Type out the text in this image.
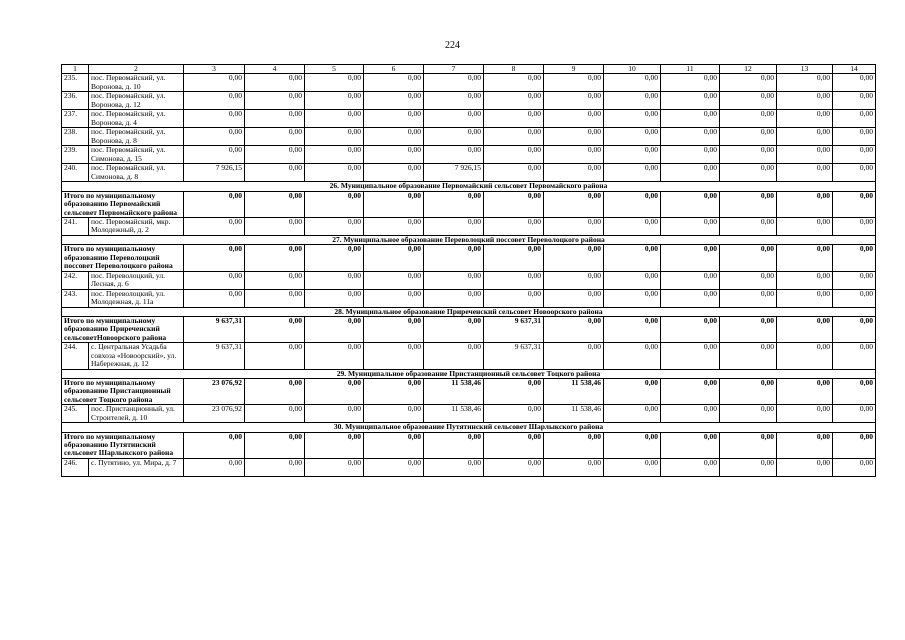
224
1	2	3	4	5	6	7	8	9	10	11	12	13	14
235.	пос. Первомайский, ул. Воронова, д. 10	0,00	0,00	0,00	0,00	0,00	0,00	0,00	0,00	0,00	0,00	0,00	0,00
236.	пос. Первомайский, ул. Воронова, д. 12	0,00	0,00	0,00	0,00	0,00	0,00	0,00	0,00	0,00	0,00	0,00	0,00
237.	пос. Первомайский, ул. Воронова, д. 4	0,00	0,00	0,00	0,00	0,00	0,00	0,00	0,00	0,00	0,00	0,00	0,00
238.	пос. Первомайский, ул. Воронова, д. 8	0,00	0,00	0,00	0,00	0,00	0,00	0,00	0,00	0,00	0,00	0,00	0,00
239.	пос. Первомайский, ул. Симонова, д. 15	0,00	0,00	0,00	0,00	0,00	0,00	0,00	0,00	0,00	0,00	0,00	0,00
240.	пос. Первомайский, ул. Симонова, д. 8	7 926,15	0,00	0,00	0,00	7 926,15	0,00	0,00	0,00	0,00	0,00	0,00	0,00
26. Муниципальное образование Первомайский сельсовет Первомайского района													
Итого по муниципальному образованию Первомайский сельсовет Первомайского района		0,00	0,00	0,00	0,00	0,00	0,00	0,00	0,00	0,00	0,00	0,00	0,00
241.	пос. Первомайский, мкр. Молодежный, д. 2	0,00	0,00	0,00	0,00	0,00	0,00	0,00	0,00	0,00	0,00	0,00	0,00
27. Муниципальное образование Переволоцкий поссовет Переволоцкого района													
Итого по муниципальному образованию Переволоцкий поссовет Переволоцкого района		0,00	0,00	0,00	0,00	0,00	0,00	0,00	0,00	0,00	0,00	0,00	0,00
242.	пос. Переволоцкий, ул. Лесная, д. 6	0,00	0,00	0,00	0,00	0,00	0,00	0,00	0,00	0,00	0,00	0,00	0,00
243.	пос. Переволоцкий, ул. Молодежная, д. 11а	0,00	0,00	0,00	0,00	0,00	0,00	0,00	0,00	0,00	0,00	0,00	0,00
28. Муниципальное образование Приреченский сельсовет Новоорского района													
Итого по муниципальному образованию Приреченский сельсоветНовоорского района		9 637,31	0,00	0,00	0,00	0,00	9 637,31	0,00	0,00	0,00	0,00	0,00	0,00
244.	с. Центральная Усадьба совхоза «Новоорский», ул. Набережная, д. 12	9 637,31	0,00	0,00	0,00	0,00	9 637,31	0,00	0,00	0,00	0,00	0,00	0,00
29. Муниципальное образование Пристанционный сельсовет Тоцкого района													
Итого по муниципальному образованию Пристанционный сельсовет Тоцкого района		23 076,92	0,00	0,00	0,00	11 538,46	0,00	11 538,46	0,00	0,00	0,00	0,00	0,00
245.	пос. Пристанционный, ул. Строителей, д. 10	23 076,92	0,00	0,00	0,00	11 538,46	0,00	11 538,46	0,00	0,00	0,00	0,00	0,00
30. Муниципальное образование Путятинский сельсовет Шарлыкского района													
Итого по муниципальному образованию Путятинский сельсовет Шарлыкского района		0,00	0,00	0,00	0,00	0,00	0,00	0,00	0,00	0,00	0,00	0,00	0,00
246.	с. Путятино, ул. Мира, д. 7	0,00	0,00	0,00	0,00	0,00	0,00	0,00	0,00	0,00	0,00	0,00	0,00
